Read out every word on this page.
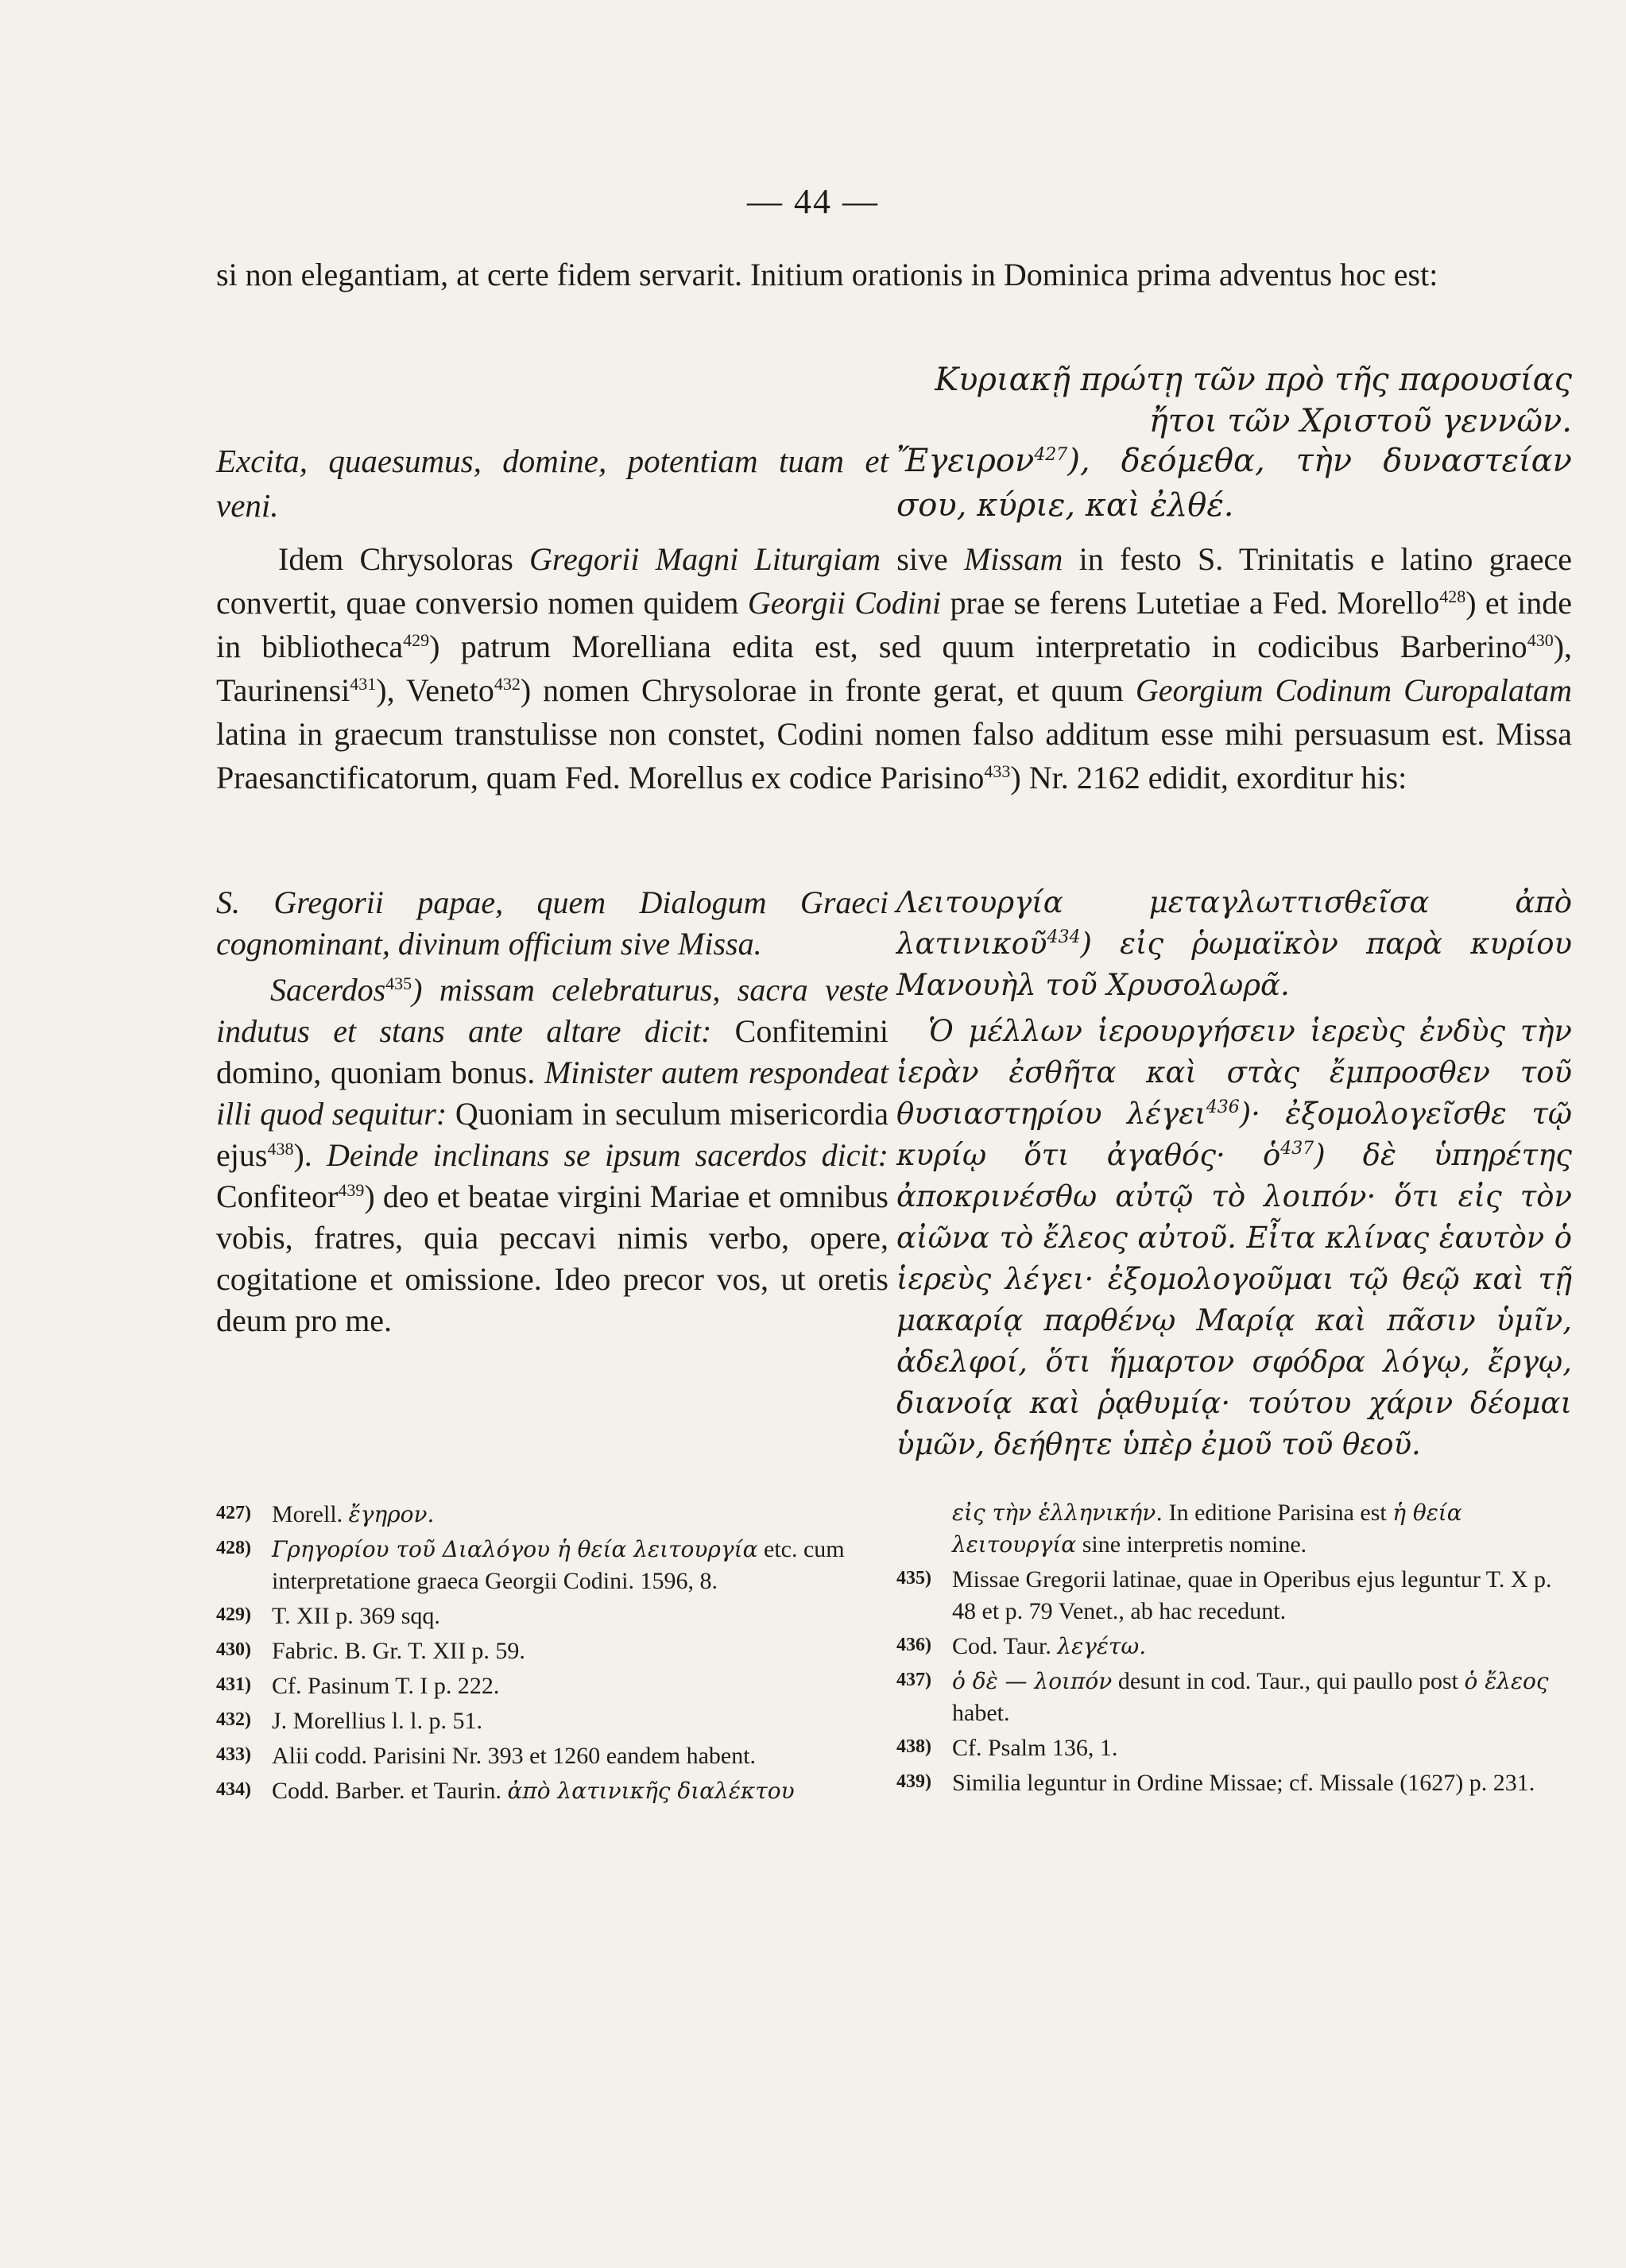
— 44 —

si non elegantiam, at certe fidem servarit. Initium orationis in Dominica prima adventus hoc est:

Κυριακῇ πρώτῃ τῶν πρὸ τῆς παρουσίας
ἤτοι τῶν Χριστοῦ γεννῶν.
Excita, quaesumus, domine, potentiam tuam et veni.
Ἔγειρον$^{427}$), δεόμεθα, τὴν δυναστείαν σου, κύριε, καὶ ἐλθέ.

Idem Chrysoloras Gregorii Magni Liturgiam sive Missam in festo S. Trinitatis e latino graece convertit, quae conversio nomen quidem Georgii Codini prae se ferens Lutetiae a Fed. Morello$^{428}$) et inde in bibliotheca$^{429}$) patrum Morelliana edita est, sed quum interpretatio in codicibus Barberino$^{430}$), Taurinensi$^{431}$), Veneto$^{432}$) nomen Chrysolorae in fronte gerat, et quum Georgium Codinum Curopalatam latina in graecum transtulisse non constet, Codini nomen falso additum esse mihi persuasum est. Missa Praesanctificatorum, quam Fed. Morellus ex codice Parisino$^{433}$) Nr. 2162 edidit, exorditur his:

S. Gregorii papae, quem Dialogum Graeci cognominant, divinum officium sive Missa.

Sacerdos$^{435}$) missam celebraturus, sacra veste indutus et stans ante altare dicit: Confitemini domino, quoniam bonus. Minister autem respondeat illi quod sequitur: Quoniam in seculum misericordia ejus$^{438}$). Deinde inclinans se ipsum sacerdos dicit: Confiteor$^{439}$) deo et beatae virgini Mariae et omnibus vobis, fratres, quia peccavi nimis verbo, opere, cogitatione et omissione. Ideo precor vos, ut oretis deum pro me.

Λειτουργία μεταγλωττισθεῖσα ἀπὸ λατινικοῦ$^{434}$) εἰς ῥωμαϊκὸν παρὰ κυρίου Μανουὴλ τοῦ Χρυσολωρᾶ.

Ὁ μέλλων ἱερουργήσειν ἱερεὺς ἐνδὺς τὴν ἱερὰν ἐσθῆτα καὶ στὰς ἔμπροσθεν τοῦ θυσιαστηρίου λέγει$^{436}$)· ἐξομολογεῖσθε τῷ κυρίῳ ὅτι ἀγαθός· ὁ$^{437}$) δὲ ὑπηρέτης ἀποκρινέσθω αὐτῷ τὸ λοιπόν· ὅτι εἰς τὸν αἰῶνα τὸ ἔλεος αὐτοῦ. Εἶτα κλίνας ἑαυτὸν ὁ ἱερεὺς λέγει· ἐξομολογοῦμαι τῷ θεῷ καὶ τῇ μακαρίᾳ παρθένῳ Μαρίᾳ καὶ πᾶσιν ὑμῖν, ἀδελφοί, ὅτι ἥμαρτον σφόδρα λόγῳ, ἔργῳ, διανοίᾳ καὶ ῥᾳθυμίᾳ· τούτου χάριν δέομαι ὑμῶν, δεήθητε ὑπὲρ ἐμοῦ τοῦ θεοῦ.

427) Morell. ἔγηρον.
428) Γρηγορίου τοῦ Διαλόγου ἡ θεία λειτουργία etc. cum interpretatione graeca Georgii Codini. 1596, 8.
429) T. XII p. 369 sqq.
430) Fabric. B. Gr. T. XII p. 59.
431) Cf. Pasinum T. I p. 222.
432) J. Morellius l. l. p. 51.
433) Alii codd. Parisini Nr. 393 et 1260 eandem habent.
434) Codd. Barber. et Taurin. ἀπὸ λατινικῆς διαλέκτου
εἰς τὴν ἑλληνικήν. In editione Parisina est ἡ θεία λειτουργία sine interpretis nomine.
435) Missae Gregorii latinae, quae in Operibus ejus leguntur T. X p. 48 et p. 79 Venet., ab hac recedunt.
436) Cod. Taur. λεγέτω.
437) ὁ δὲ — λοιπόν desunt in cod. Taur., qui paullo post ὁ ἔλεος habet.
438) Cf. Psalm 136, 1.
439) Similia leguntur in Ordine Missae; cf. Missale (1627) p. 231.
